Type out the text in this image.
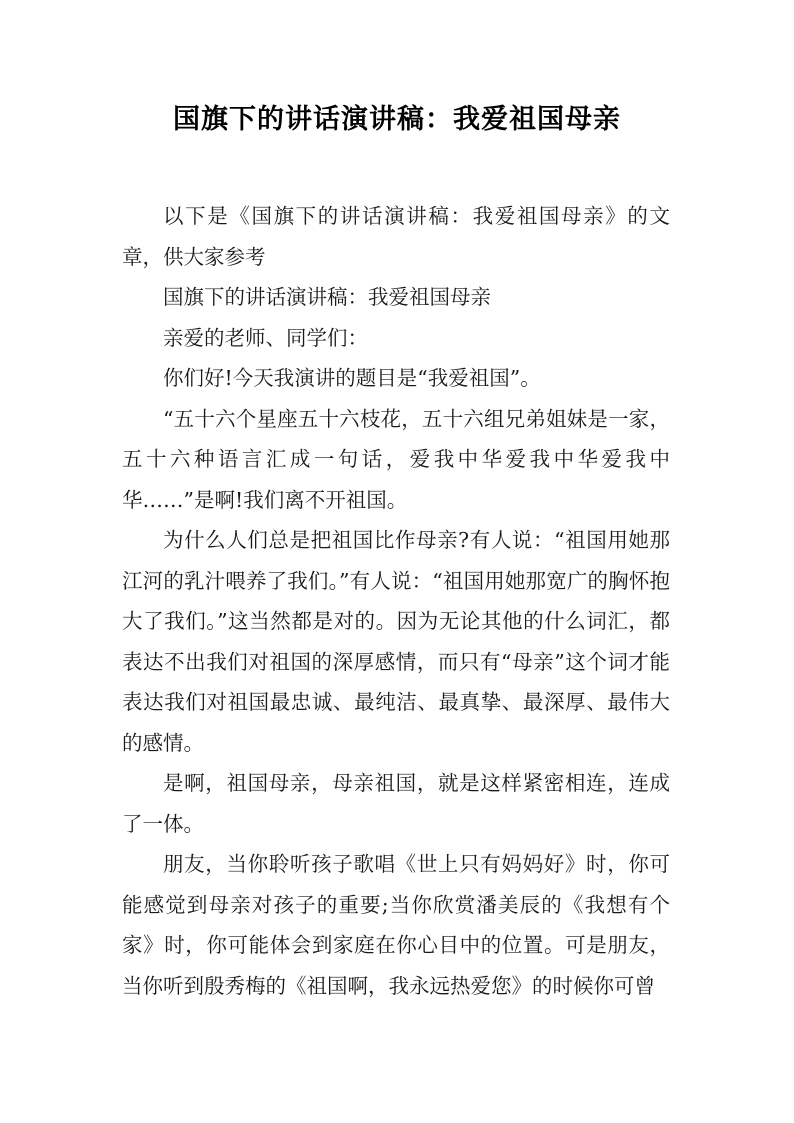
国旗下的讲话演讲稿：我爱祖国母亲

以下是《国旗下的讲话演讲稿：我爱祖国母亲》的文章，供大家参考

国旗下的讲话演讲稿：我爱祖国母亲

亲爱的老师、同学们：

你们好!今天我演讲的题目是“我爱祖国”。

“五十六个星座五十六枝花，五十六组兄弟姐妹是一家，五十六种语言汇成一句话，爱我中华爱我中华爱我中华……”是啊!我们离不开祖国。

为什么人们总是把祖国比作母亲?有人说：“祖国用她那江河的乳汁喂养了我们。”有人说：“祖国用她那宽广的胸怀抱大了我们。”这当然都是对的。因为无论其他的什么词汇，都表达不出我们对祖国的深厚感情，而只有“母亲”这个词才能表达我们对祖国最忠诚、最纯洁、最真挚、最深厚、最伟大的感情。

是啊，祖国母亲，母亲祖国，就是这样紧密相连，连成了一体。

朋友，当你聆听孩子歌唱《世上只有妈妈好》时，你可能感觉到母亲对孩子的重要;当你欣赏潘美辰的《我想有个家》时，你可能体会到家庭在你心目中的位置。可是朋友，当你听到殷秀梅的《祖国啊，我永远热爱您》的时候你可曾
